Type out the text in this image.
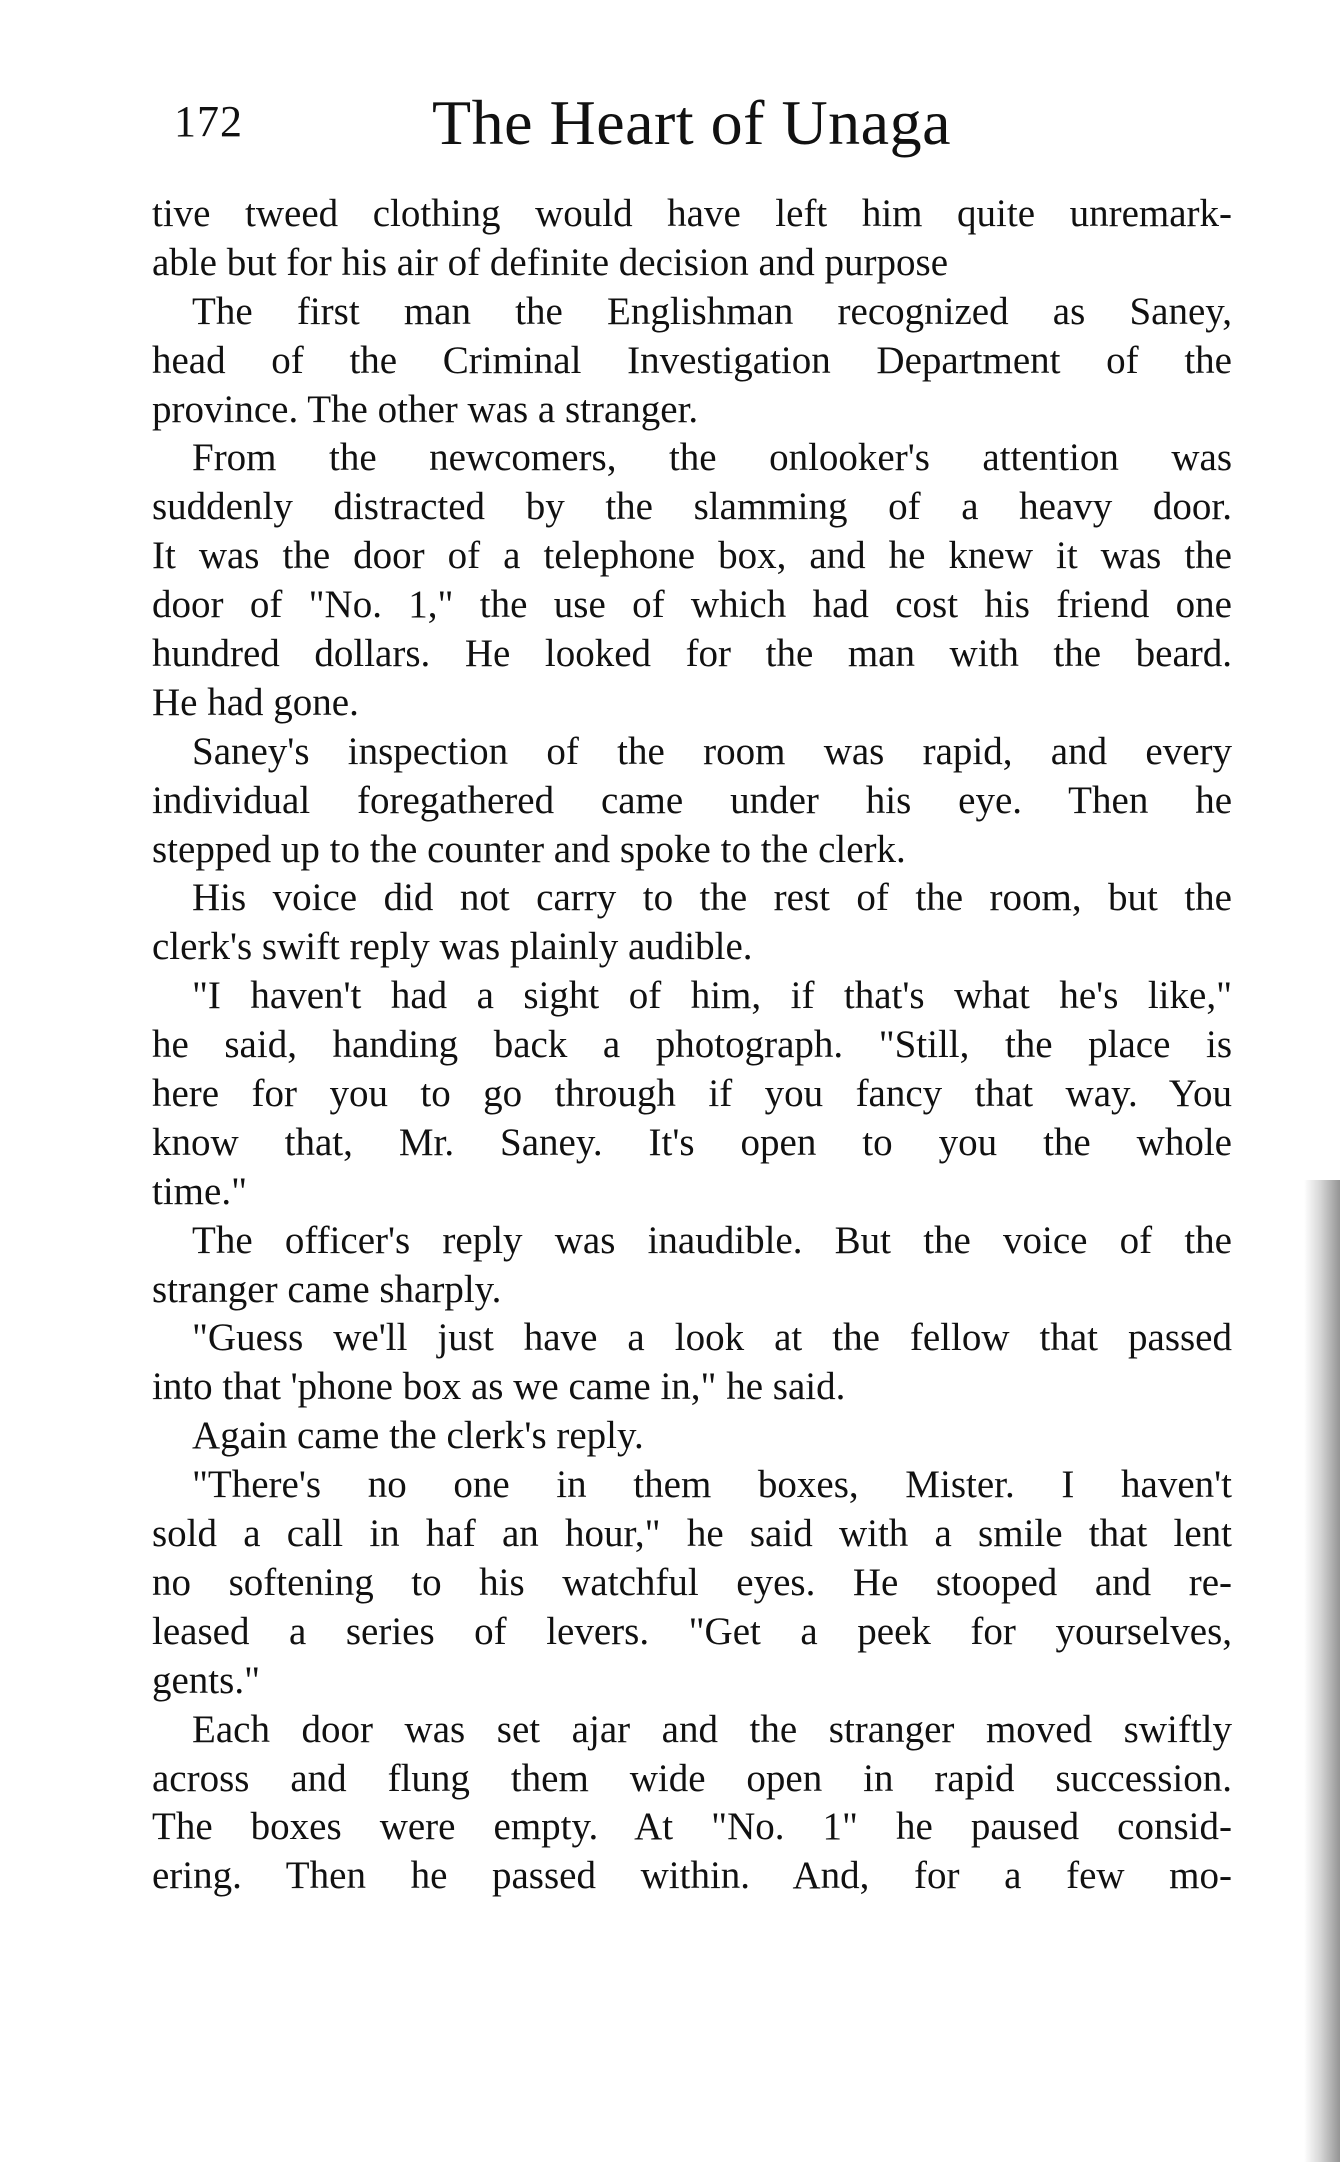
172	The Heart of Unaga
tive tweed clothing would have left him quite unremark-
able but for his air of definite decision and purpose
The first man the Englishman recognized as Saney,
head of the Criminal Investigation Department of the
province. The other was a stranger.
From the newcomers, the onlooker's attention was
suddenly distracted by the slamming of a heavy door.
It was the door of a telephone box, and he knew it was the
door of "No. 1," the use of which had cost his friend one
hundred dollars. He looked for the man with the beard.
He had gone.
Saney's inspection of the room was rapid, and every
individual foregathered came under his eye. Then he
stepped up to the counter and spoke to the clerk.
His voice did not carry to the rest of the room, but the
clerk's swift reply was plainly audible.
"I haven't had a sight of him, if that's what he's like,"
he said, handing back a photograph. "Still, the place is
here for you to go through if you fancy that way. You
know that, Mr. Saney. It's open to you the whole
time."
The officer's reply was inaudible. But the voice of the
stranger came sharply.
"Guess we'll just have a look at the fellow that passed
into that 'phone box as we came in," he said.
Again came the clerk's reply.
"There's no one in them boxes, Mister. I haven't
sold a call in haf an hour," he said with a smile that lent
no softening to his watchful eyes. He stooped and re-
leased a series of levers. "Get a peek for yourselves,
gents."
Each door was set ajar and the stranger moved swiftly
across and flung them wide open in rapid succession.
The boxes were empty. At "No. 1" he paused consid-
ering. Then he passed within. And, for a few mo-
